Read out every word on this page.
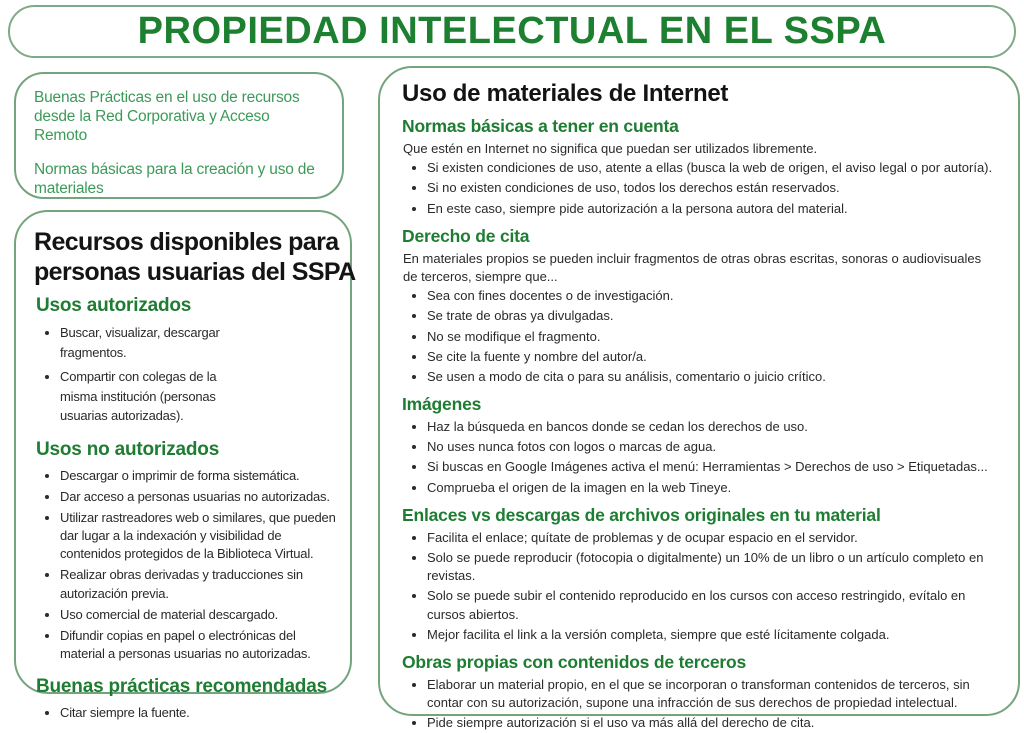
PROPIEDAD INTELECTUAL EN EL SSPA

Buenas Prácticas en el uso de recursos desde la Red Corporativa y Acceso Remoto

Normas básicas para la creación y uso de materiales

Recursos disponibles para
personas usuarias del SSPA
Usos autorizados
• Buscar, visualizar, descargar fragmentos.
• Compartir con colegas de la misma institución (personas usuarias autorizadas).
Usos no autorizados
• Descargar o imprimir de forma sistemática.
• Dar acceso a personas usuarias no autorizadas.
• Utilizar rastreadores web o similares, que pueden dar lugar a la indexación y visibilidad de contenidos protegidos de la Biblioteca Virtual.
• Realizar obras derivadas y traducciones sin autorización previa.
• Uso comercial de material descargado.
• Difundir copias en papel o electrónicas del material a personas usuarias no autorizadas.
Buenas prácticas recomendadas
• Citar siempre la fuente.
Uso de materiales de Internet
Normas básicas a tener en cuenta

Que estén en Internet no significa que puedan ser utilizados libremente.

• Si existen condiciones de uso, atente a ellas (busca la web de origen, el aviso legal o por autoría).
• Si no existen condiciones de uso, todos los derechos están reservados.
• En este caso, siempre pide autorización a la persona autora del material.
Derecho de cita

En materiales propios se pueden incluir fragmentos de otras obras escritas, sonoras o audiovisuales de terceros, siempre que...

• Sea con fines docentes o de investigación.
• Se trate de obras ya divulgadas.
• No se modifique el fragmento.
• Se cite la fuente y nombre del autor/a.
• Se usen a modo de cita o para su análisis, comentario o juicio crítico.
Imágenes
• Haz la búsqueda en bancos donde se cedan los derechos de uso.
• No uses nunca fotos con logos o marcas de agua.
• Si buscas en Google Imágenes activa el menú: Herramientas > Derechos de uso > Etiquetadas...
• Comprueba el origen de la imagen en la web Tineye.
Enlaces vs descargas de archivos originales en tu material
• Facilita el enlace; quítate de problemas y de ocupar espacio en el servidor.
• Solo se puede reproducir (fotocopia o digitalmente) un 10% de un libro o un artículo completo en revistas.
• Solo se puede subir el contenido reproducido en los cursos con acceso restringido, evítalo en cursos abiertos.
• Mejor facilita el link a la versión completa, siempre que esté lícitamente colgada.
Obras propias con contenidos de terceros
• Elaborar un material propio, en el que se incorporan o transforman contenidos de terceros, sin contar con su autorización, supone una infracción de sus derechos de propiedad intelectual.
• Pide siempre autorización si el uso va más allá del derecho de cita.
